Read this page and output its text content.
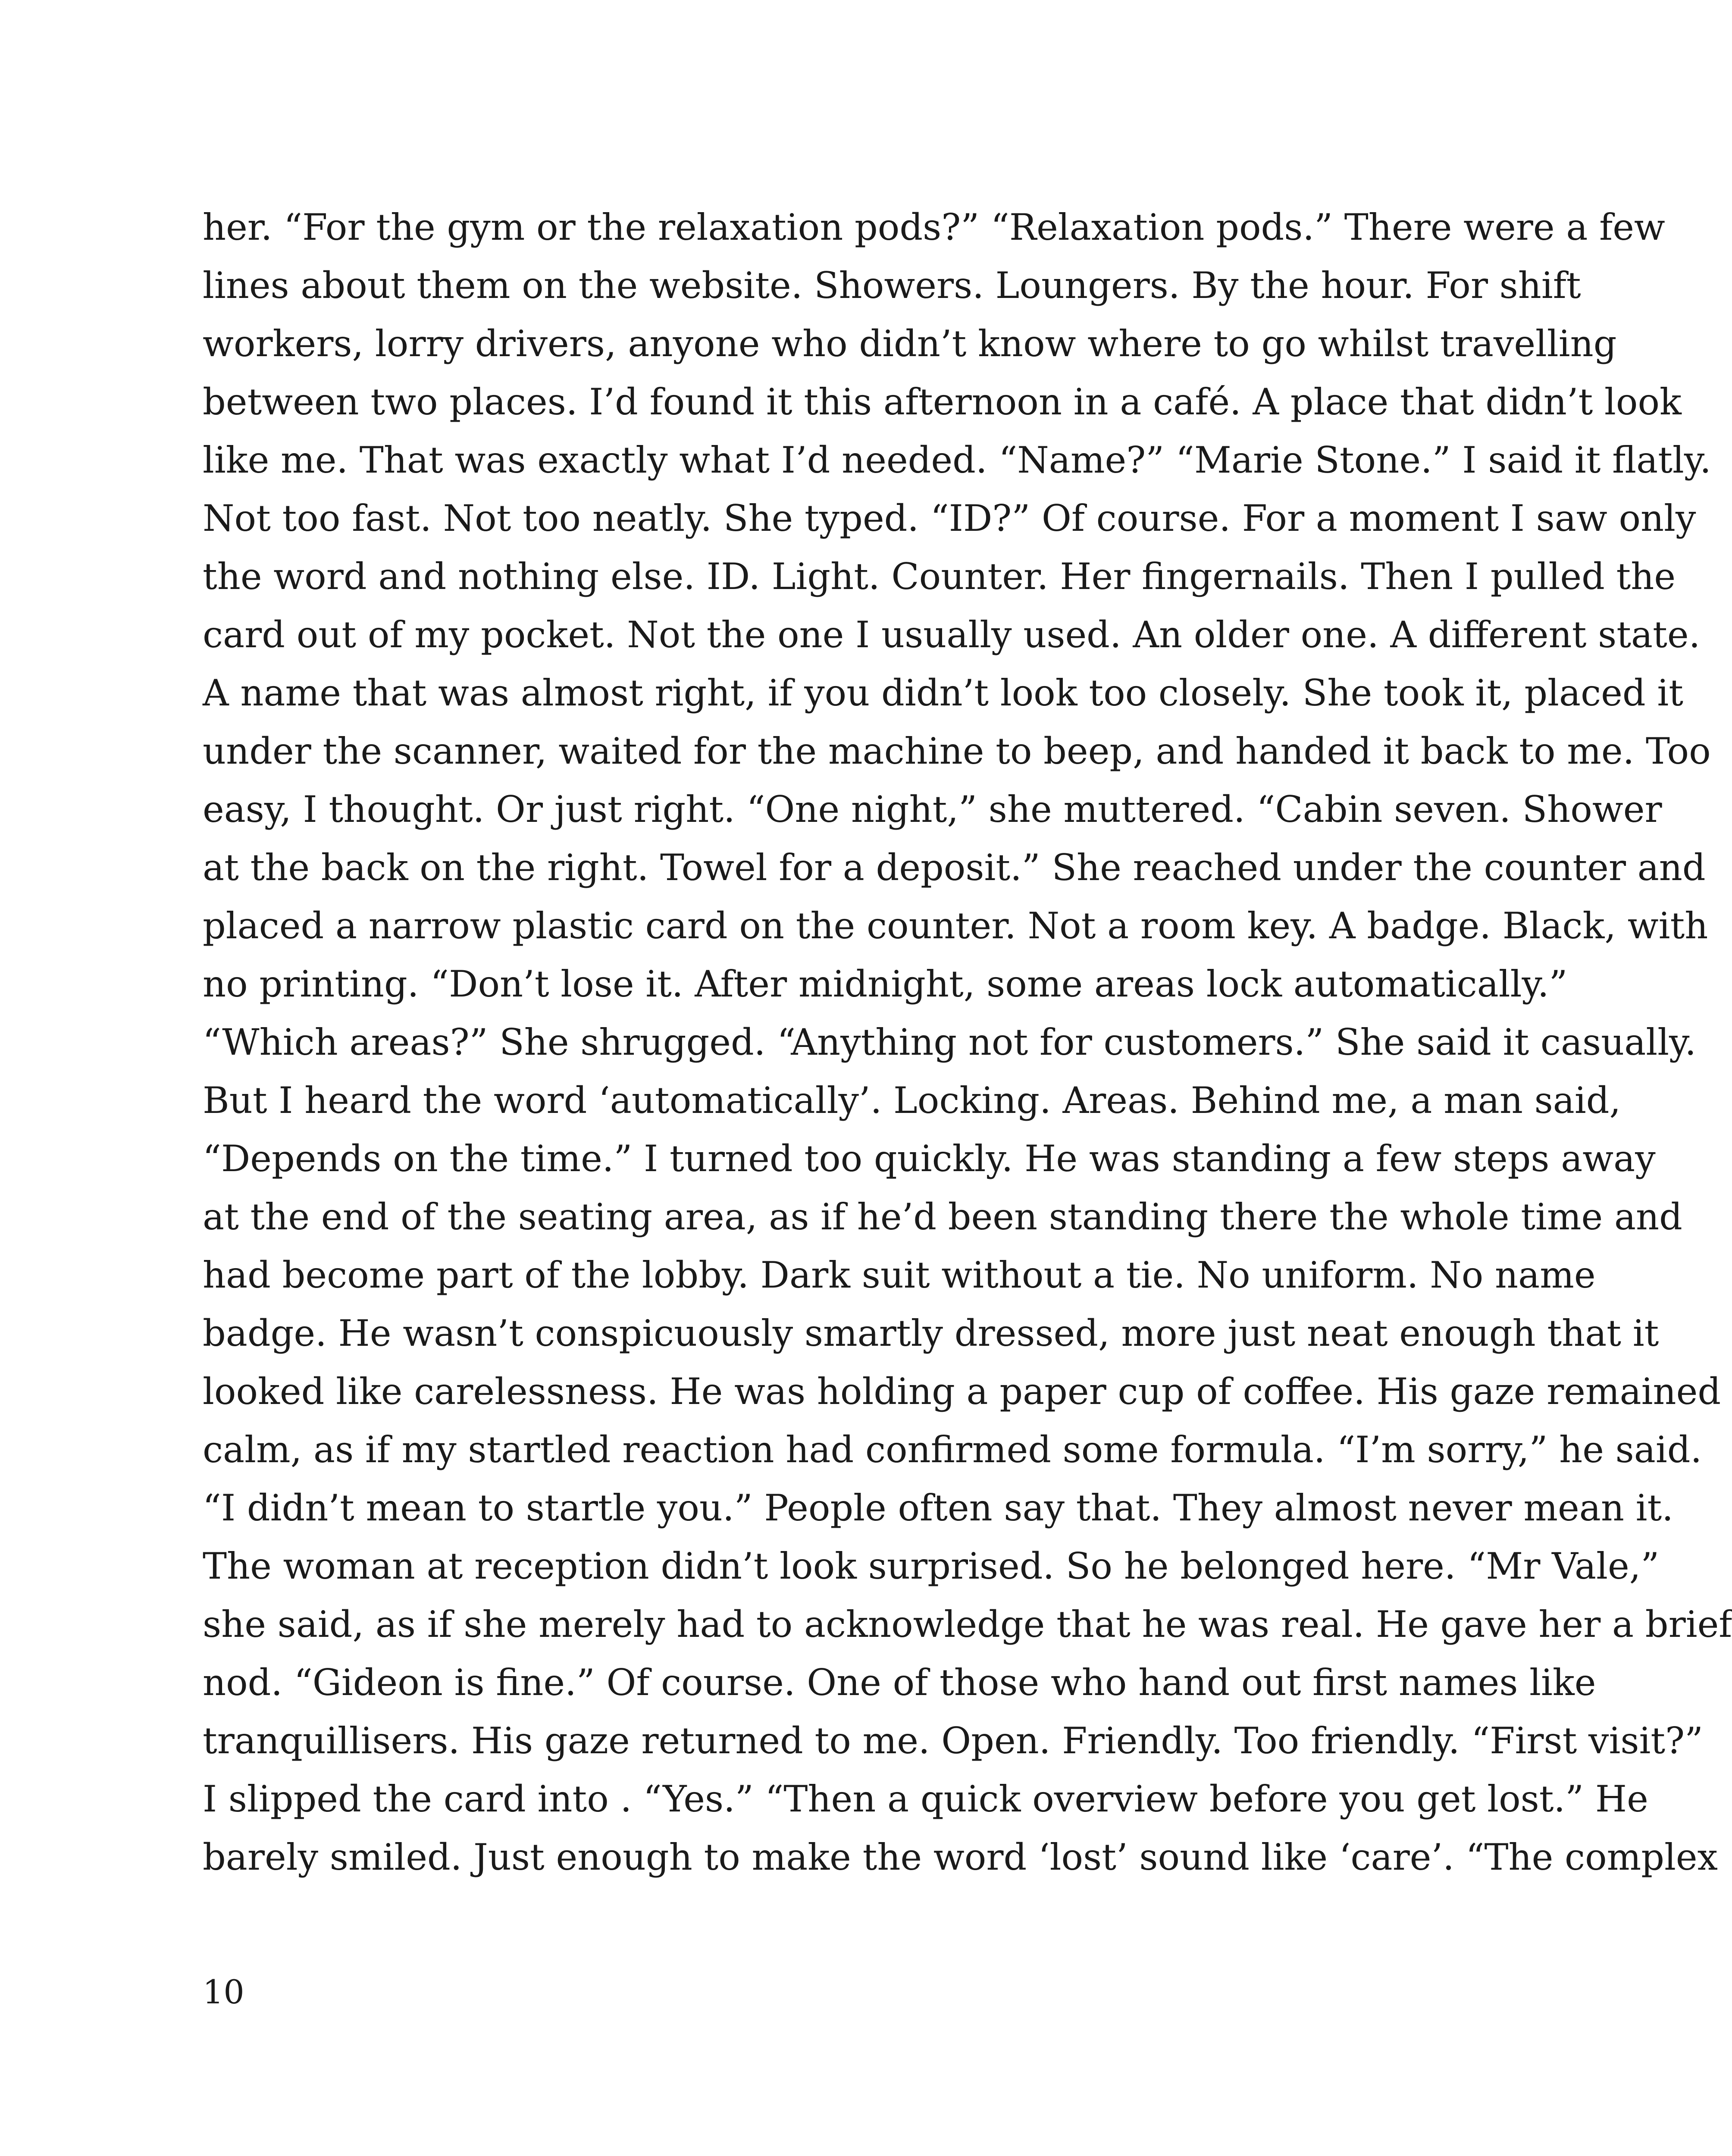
her. “For the gym or the relaxation pods?” “Relaxation pods.” There were a few
lines about them on the website. Showers. Loungers. By the hour. For shift
workers, lorry drivers, anyone who didn’t know where to go whilst travelling
between two places. I’d found it this afternoon in a café. A place that didn’t look
like me. That was exactly what I’d needed. “Name?” “Marie Stone.” I said it flatly.
Not too fast. Not too neatly. She typed. “ID?” Of course. For a moment I saw only
the word and nothing else. ID. Light. Counter. Her fingernails. Then I pulled the
card out of my pocket. Not the one I usually used. An older one. A different state.
A name that was almost right, if you didn’t look too closely. She took it, placed it
under the scanner, waited for the machine to beep, and handed it back to me. Too
easy, I thought. Or just right. “One night,” she muttered. “Cabin seven. Shower
at the back on the right. Towel for a deposit.” She reached under the counter and
placed a narrow plastic card on the counter. Not a room key. A badge. Black, with
no printing. “Don’t lose it. After midnight, some areas lock automatically.”
“Which areas?” She shrugged. “Anything not for customers.” She said it casually.
But I heard the word ‘automatically’. Locking. Areas. Behind me, a man said,
“Depends on the time.” I turned too quickly. He was standing a few steps away
at the end of the seating area, as if he’d been standing there the whole time and
had become part of the lobby. Dark suit without a tie. No uniform. No name
badge. He wasn’t conspicuously smartly dressed, more just neat enough that it
looked like carelessness. He was holding a paper cup of coffee. His gaze remained
calm, as if my startled reaction had confirmed some formula. “I’m sorry,” he said.
“I didn’t mean to startle you.” People often say that. They almost never mean it.
The woman at reception didn’t look surprised. So he belonged here. “Mr Vale,”
she said, as if she merely had to acknowledge that he was real. He gave her a brief
nod. “Gideon is fine.” Of course. One of those who hand out first names like
tranquillisers. His gaze returned to me. Open. Friendly. Too friendly. “First visit?”
I slipped the card into . “Yes.” “Then a quick overview before you get lost.” He
barely smiled. Just enough to make the word ‘lost’ sound like ‘care’. “The complex
10
